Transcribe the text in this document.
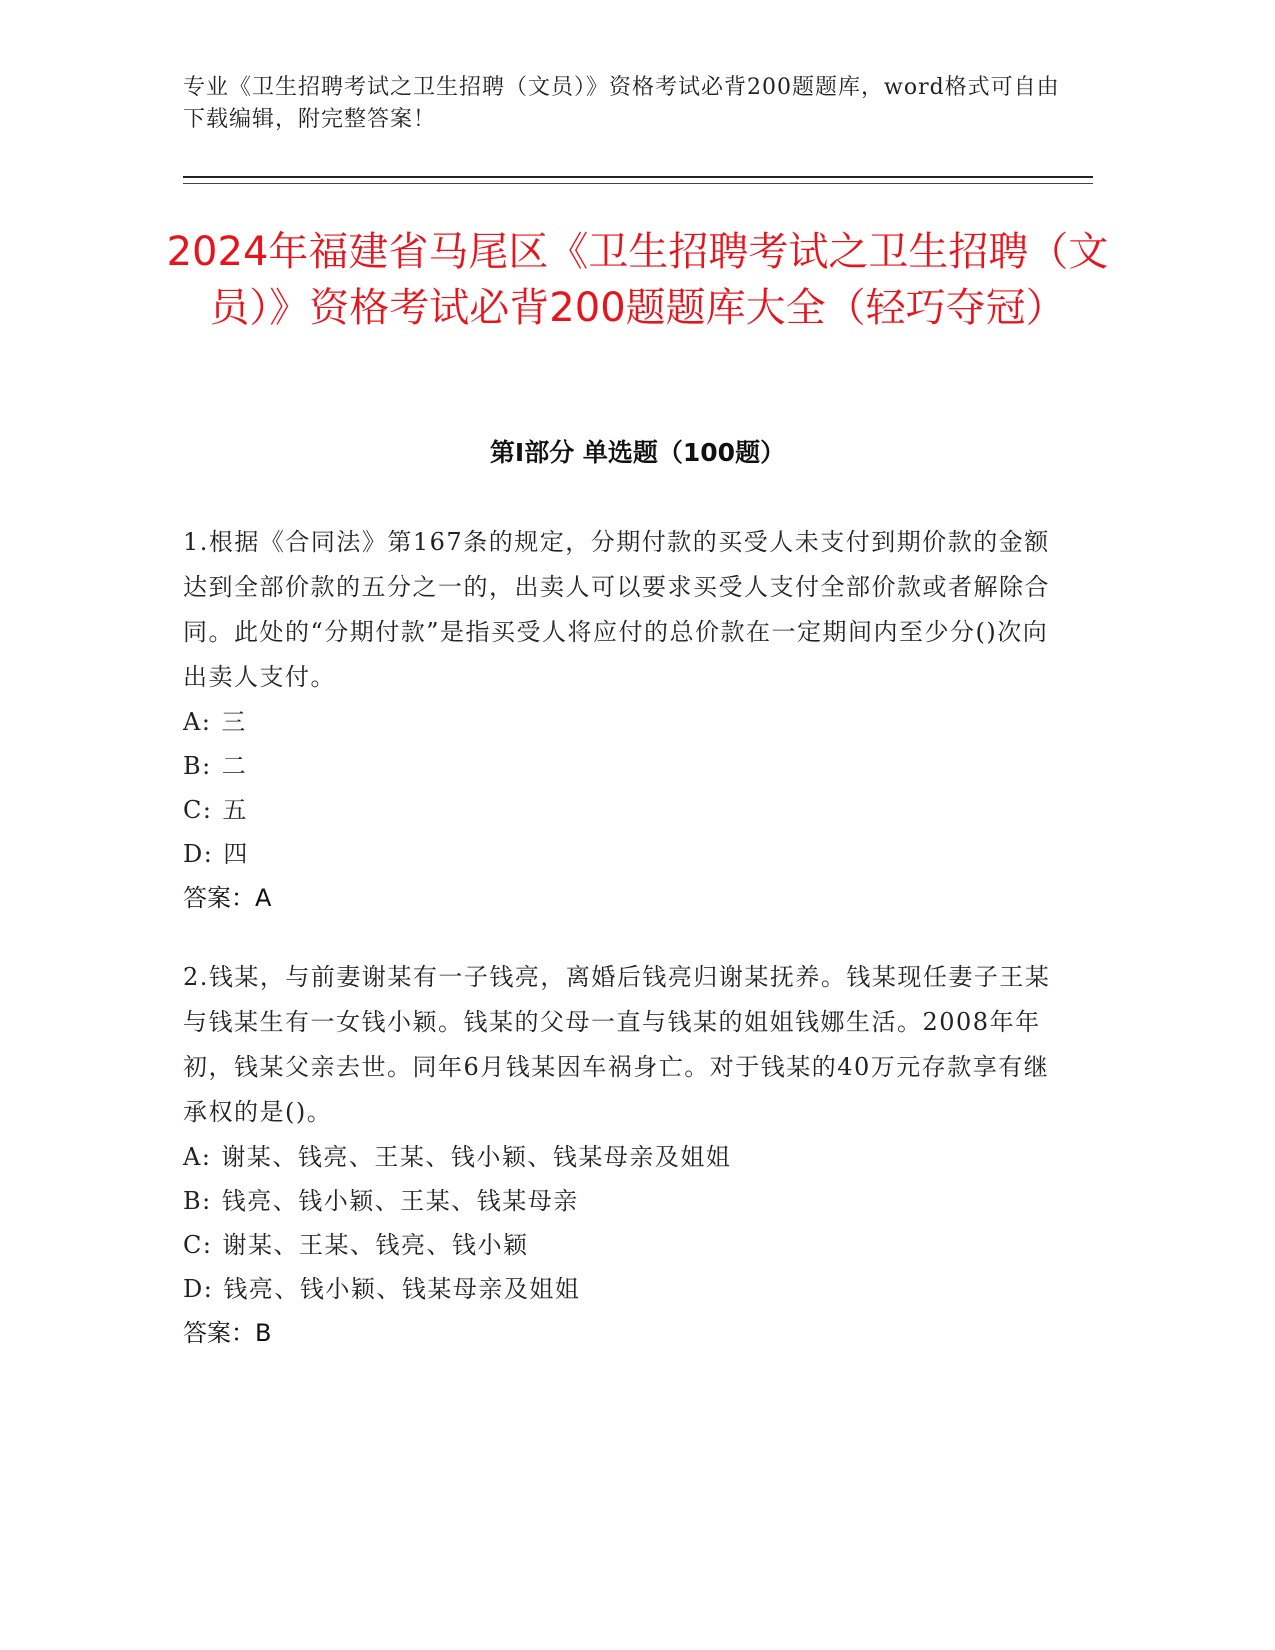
专业《卫生招聘考试之卫生招聘（文员）》资格考试必背200题题库，word格式可自由下载编辑，附完整答案！
2024年福建省马尾区《卫生招聘考试之卫生招聘（文员）》资格考试必背200题题库大全（轻巧夺冠）
第I部分 单选题（100题）

1.根据《合同法》第167条的规定，分期付款的买受人未支付到期价款的金额达到全部价款的五分之一的，出卖人可以要求买受人支付全部价款或者解除合同。此处的“分期付款”是指买受人将应付的总价款在一定期间内至少分()次向出卖人支付。

A: 三
B: 二
C: 五
D: 四

答案：A

2.钱某，与前妻谢某有一子钱亮，离婚后钱亮归谢某抚养。钱某现任妻子王某与钱某生有一女钱小颖。钱某的父母一直与钱某的姐姐钱娜生活。2008年年初，钱某父亲去世。同年6月钱某因车祸身亡。对于钱某的40万元存款享有继承权的是()。

A: 谢某、钱亮、王某、钱小颖、钱某母亲及姐姐
B: 钱亮、钱小颖、王某、钱某母亲
C: 谢某、王某、钱亮、钱小颖
D: 钱亮、钱小颖、钱某母亲及姐姐

答案：B
